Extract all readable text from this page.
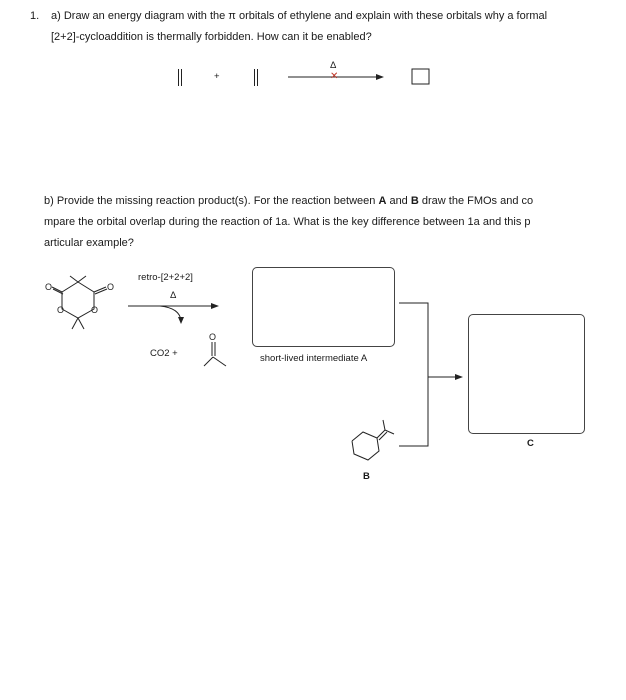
1. a) Draw an energy diagram with the π orbitals of ethylene and explain with these orbitals why a formal
[2+2]-cycloaddition is thermally forbidden. How can it be enabled?
+
Δ
✕
b) Provide the missing reaction product(s). For the reaction between A and B draw the FMOs and co
mpare the orbital overlap during the reaction of 1a. What is the key difference between 1a and this p
articular example?
O	O
O	O
O
retro-[2+2+2]
Δ
CO2 +	short-lived intermediate A
B
C
